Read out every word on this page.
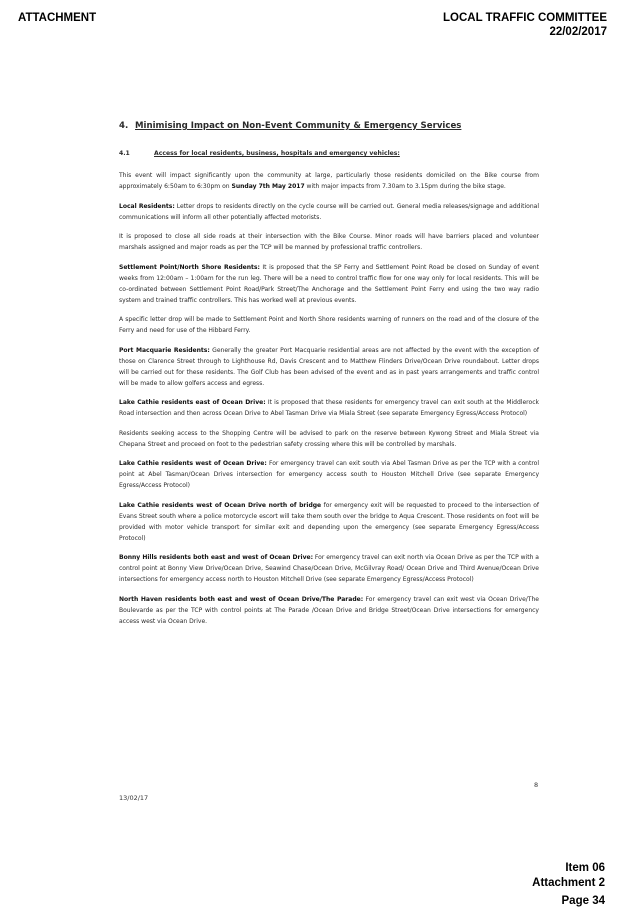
ATTACHMENT	LOCAL TRAFFIC COMMITTEE
22/02/2017
4. Minimising Impact on Non-Event Community & Emergency Services
4.1	Access for local residents, business, hospitals and emergency vehicles:

This event will impact significantly upon the community at large, particularly those residents domiciled on the Bike course from approximately 6:50am to 6:30pm on Sunday 7th May 2017 with major impacts from 7.30am to 3.15pm during the bike stage.

Local Residents: Letter drops to residents directly on the cycle course will be carried out. General media releases/signage and additional communications will inform all other potentially affected motorists.

It is proposed to close all side roads at their intersection with the Bike Course. Minor roads will have barriers placed and volunteer marshals assigned and major roads as per the TCP will be manned by professional traffic controllers.

Settlement Point/North Shore Residents: It is proposed that the SP Ferry and Settlement Point Road be closed on Sunday of event weeks from 12:00am – 1:00am for the run leg. There will be a need to control traffic flow for one way only for local residents. This will be co-ordinated between Settlement Point Road/Park Street/The Anchorage and the Settlement Point Ferry end using the two way radio system and trained traffic controllers. This has worked well at previous events.

A specific letter drop will be made to Settlement Point and North Shore residents warning of runners on the road and of the closure of the Ferry and need for use of the Hibbard Ferry.

Port Macquarie Residents: Generally the greater Port Macquarie residential areas are not affected by the event with the exception of those on Clarence Street through to Lighthouse Rd, Davis Crescent and to Matthew Flinders Drive/Ocean Drive roundabout. Letter drops will be carried out for these residents. The Golf Club has been advised of the event and as in past years arrangements and traffic control will be made to allow golfers access and egress.

Lake Cathie residents east of Ocean Drive: It is proposed that these residents for emergency travel can exit south at the Middlerock Road intersection and then across Ocean Drive to Abel Tasman Drive via Miala Street (see separate Emergency Egress/Access Protocol)

Residents seeking access to the Shopping Centre will be advised to park on the reserve between Kywong Street and Miala Street via Chepana Street and proceed on foot to the pedestrian safety crossing where this will be controlled by marshals.

Lake Cathie residents west of Ocean Drive: For emergency travel can exit south via Abel Tasman Drive as per the TCP with a control point at Abel Tasman/Ocean Drives intersection for emergency access south to Houston Mitchell Drive (see separate Emergency Egress/Access Protocol)

Lake Cathie residents west of Ocean Drive north of bridge for emergency exit will be requested to proceed to the intersection of Evans Street south where a police motorcycle escort will take them south over the bridge to Aqua Crescent. Those residents on foot will be provided with motor vehicle transport for similar exit and depending upon the emergency (see separate Emergency Egress/Access Protocol)

Bonny Hills residents both east and west of Ocean Drive: For emergency travel can exit north via Ocean Drive as per the TCP with a control point at Bonny View Drive/Ocean Drive, Seawind Chase/Ocean Drive, McGilvray Road/ Ocean Drive and Third Avenue/Ocean Drive intersections for emergency access north to Houston Mitchell Drive (see separate Emergency Egress/Access Protocol)

North Haven residents both east and west of Ocean Drive/The Parade: For emergency travel can exit west via Ocean Drive/The Boulevarde as per the TCP with control points at The Parade /Ocean Drive and Bridge Street/Ocean Drive intersections for emergency access west via Ocean Drive.

8
13/02/17
Item 06
Attachment 2
Page 34
